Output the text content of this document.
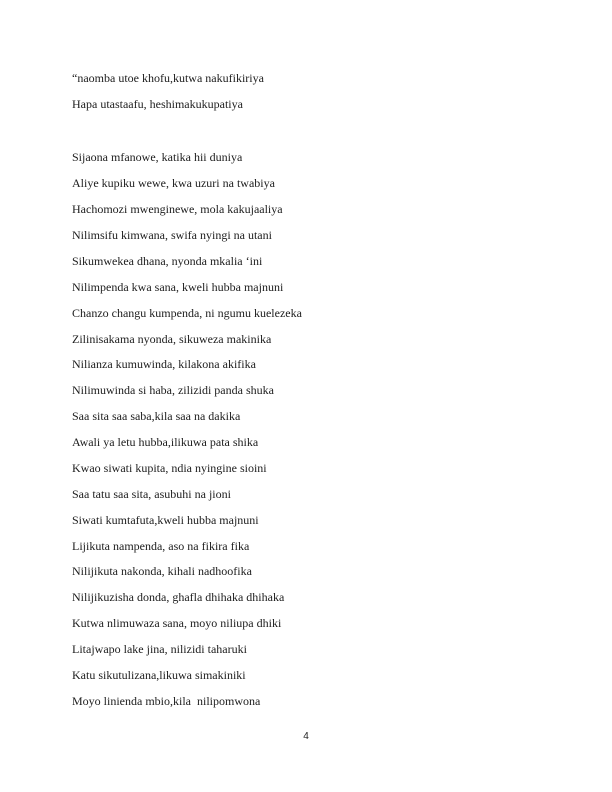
“naomba utoe khofu,kutwa nakufikiriya
Hapa utastaafu, heshimakukupatiya
Sijaona mfanowe, katika hii duniya
Aliye kupiku wewe, kwa uzuri na twabiya
Hachomozi mwenginewe, mola kakujaaliya
Nilimsifu kimwana, swifa nyingi na utani
Sikumwekea dhana, nyonda mkalia ‘ini
Nilimpenda kwa sana, kweli hubba majnuni
Chanzo changu kumpenda, ni ngumu kuelezeka
Zilinisakama nyonda, sikuweza makinika
Nilianza kumuwinda, kilakona akifika
Nilimuwinda si haba, zilizidi panda shuka
Saa sita saa saba,kila saa na dakika
Awali ya letu hubba,ilikuwa pata shika
Kwao siwati kupita, ndia nyingine sioini
Saa tatu saa sita, asubuhi na jioni
Siwati kumtafuta,kweli hubba majnuni
Lijikuta nampenda, aso na fikira fika
Nilijikuta nakonda, kihali nadhoofika
Nilijikuzisha donda, ghafla dhihaka dhihaka
Kutwa nlimuwaza sana, moyo niliupa dhiki
Litajwapo lake jina, nilizidi taharuki
Katu sikutulizana,likuwa simakiniki
Moyo linienda mbio,kila  nilipomwona
4
